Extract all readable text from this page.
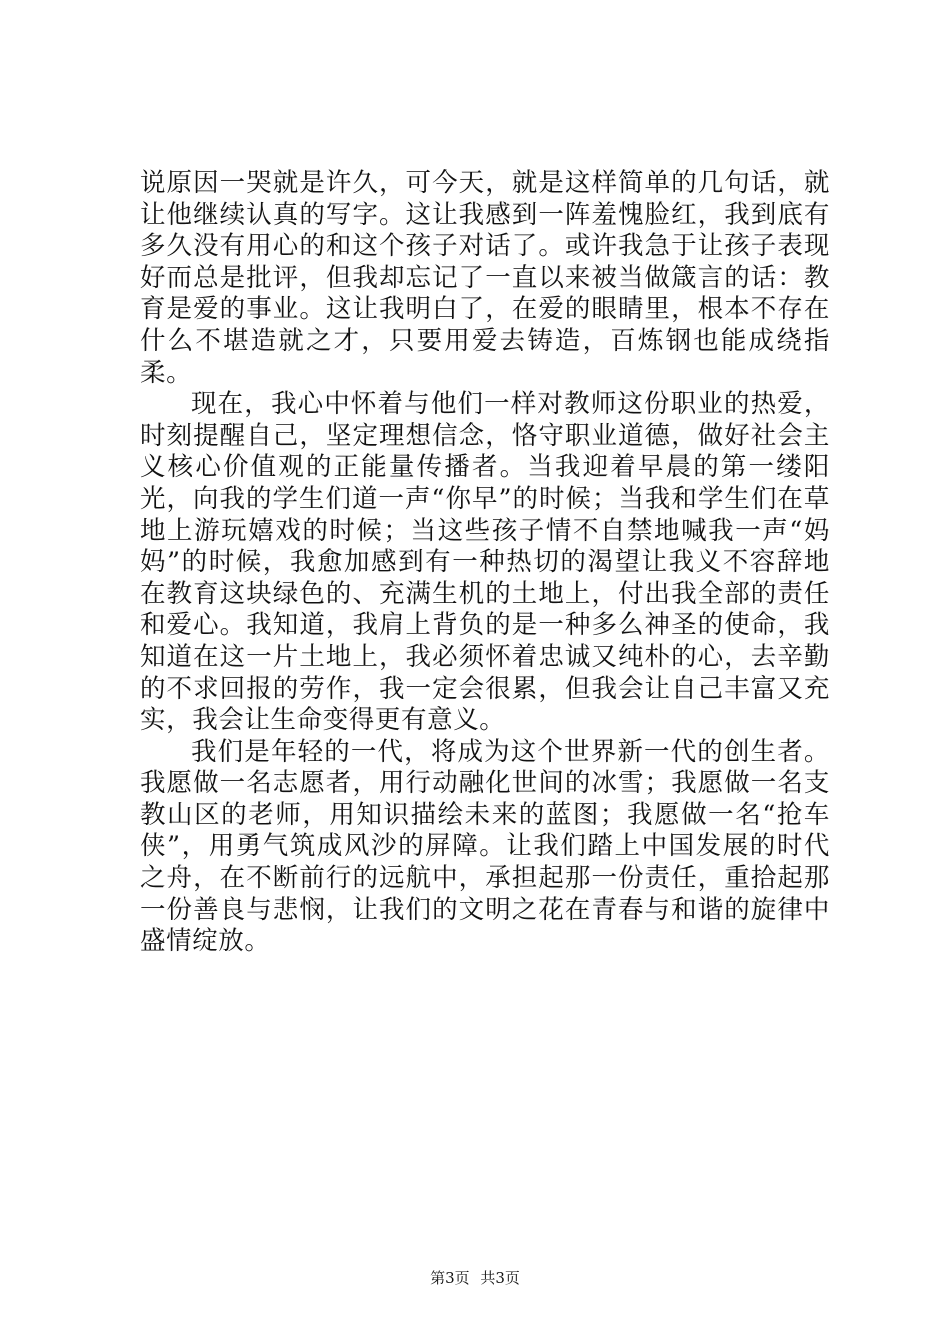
说原因一哭就是许久，可今天，就是这样简单的几句话，就让他继续认真的写字。这让我感到一阵羞愧脸红，我到底有多久没有用心的和这个孩子对话了。或许我急于让孩子表现好而总是批评，但我却忘记了一直以来被当做箴言的话：教育是爱的事业。这让我明白了，在爱的眼睛里，根本不存在什么不堪造就之才，只要用爱去铸造，百炼钢也能成绕指柔。

现在，我心中怀着与他们一样对教师这份职业的热爱，时刻提醒自己，坚定理想信念，恪守职业道德，做好社会主义核心价值观的正能量传播者。当我迎着早晨的第一缕阳光，向我的学生们道一声“你早”的时候；当我和学生们在草地上游玩嬉戏的时候；当这些孩子情不自禁地喊我一声“妈妈”的时候，我愈加感到有一种热切的渴望让我义不容辞地在教育这块绿色的、充满生机的土地上，付出我全部的责任和爱心。我知道，我肩上背负的是一种多么神圣的使命，我知道在这一片土地上，我必须怀着忠诚又纯朴的心，去辛勤的不求回报的劳作，我一定会很累，但我会让自己丰富又充实，我会让生命变得更有意义。

我们是年轻的一代，将成为这个世界新一代的创生者。我愿做一名志愿者，用行动融化世间的冰雪；我愿做一名支教山区的老师，用知识描绘未来的蓝图；我愿做一名“抢车侠”，用勇气筑成风沙的屏障。让我们踏上中国发展的时代之舟，在不断前行的远航中，承担起那一份责任，重拾起那一份善良与悲悯，让我们的文明之花在青春与和谐的旋律中盛情绽放。

第3页 共3页
